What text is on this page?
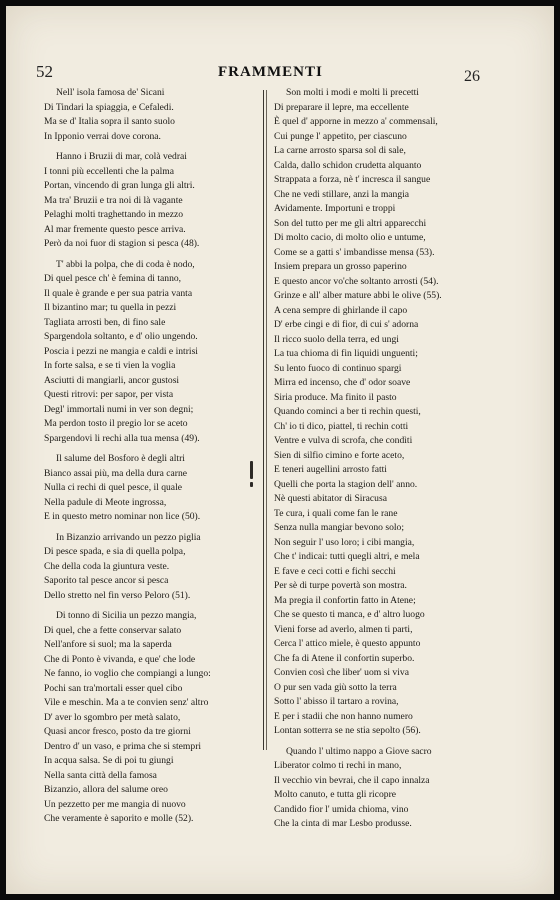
52	FRAMMENTI	26
Nell' isola famosa de' Sicani
Di Tindari la spiaggia, e Cefaledi.
Ma se d' Italia sopra il santo suolo
In Ipponio verrai dove corona.
Hanno i Bruzii di mar, colà vedrai
I tonni più eccellenti che la palma
Portan, vincendo di gran lunga gli altri.
Ma tra' Bruzii e tra noi di là vagante
Pelaghi molti traghettando in mezzo
Al mar fremente questo pesce arriva.
Però da noi fuor di stagion si pesca (48).
T' abbi la polpa, che di coda è nodo,
Di quel pesce ch' è femina di tanno,
Il quale è grande e per sua patria vanta
Il bizantino mar; tu quella in pezzi
Tagliata arrosti ben, di fino sale
Spargendola soltanto, e d' olio ungendo.
Poscia i pezzi ne mangia e caldi e intrisi
In forte salsa, e se ti vien la voglia
Asciutti di mangiarli, ancor gustosi
Questi ritrovi: per sapor, per vista
Degl' immortali numi in ver son degni;
Ma perdon tosto il pregio lor se aceto
Spargendovi li rechi alla tua mensa (49).
Il salume del Bosforo è degli altri
Bianco assai più, ma della dura carne
Nulla ci rechi di quel pesce, il quale
Nella padule di Meote ingrossa,
E in questo metro nominar non lice (50).
In Bizanzio arrivando un pezzo piglia
Di pesce spada, e sia di quella polpa,
Che della coda la giuntura veste.
Saporito tal pesce ancor si pesca
Dello stretto nel fin verso Peloro (51).
Di tonno di Sicilia un pezzo mangia,
Di quel, che a fette conservar salato
Nell'anfore si suol; ma la saperda
Che di Ponto è vivanda, e que' che lode
Ne fanno, io voglio che compiangi a lungo:
Pochi san tra'mortali esser quel cibo
Vile e meschin. Ma a te convien senz' altro
D' aver lo sgombro per metà salato,
Quasi ancor fresco, posto da tre giorni
Dentro d' un vaso, e prima che si stempri
In acqua salsa. Se di poi tu giungi
Nella santa città della famosa
Bizanzio, allora del salume oreo
Un pezzetto per me mangia di nuovo
Che veramente è saporito e molle (52).
Son molti i modi e molti li precetti
Di preparare il lepre, ma eccellente
È quel d' apporne in mezzo a' commensali,
Cui punge l' appetito, per ciascuno
La carne arrosto sparsa sol di sale,
Calda, dallo schidon crudetta alquanto
Strappata a forza, nè t' incresca il sangue
Che ne vedi stillare, anzi la mangia
Avidamente. Importuni e troppi
Son del tutto per me gli altri apparecchi
Di molto cacio, di molto olio e untume,
Come se a gatti s' imbandisse mensa (53).
Insiem prepara un grosso paperino
E questo ancor vo'che soltanto arrosti (54).
Grinze e all' alber mature abbi le olive (55).
A cena sempre di ghirlande il capo
D' erbe cingi e di fior, di cui s' adorna
Il ricco suolo della terra, ed ungi
La tua chioma di fin liquidi unguenti;
Su lento fuoco di continuo spargi
Mirra ed incenso, che d' odor soave
Siria produce. Ma finito il pasto
Quando cominci a ber ti rechin questi,
Ch' io ti dico, piattel, ti rechin cotti
Ventre e vulva di scrofa, che condìti
Sien di silfio cimino e forte aceto,
E teneri augellini arrosto fatti
Quelli che porta la stagion dell' anno.
Nè questi abitator di Siracusa
Te cura, i quali come fan le rane
Senza nulla mangiar bevono solo;
Non seguir l' uso loro; i cibi mangia,
Che t' indicai: tutti quegli altri, e mela
E fave e ceci cotti e fichi secchi
Per sè di turpe povertà son mostra.
Ma pregia il confortin fatto in Atene;
Che se questo ti manca, e d' altro luogo
Vieni forse ad averlo, almen ti parti,
Cerca l' attico miele, è questo appunto
Che fa di Atene il confortin superbo.
Convien così che liber' uom si viva
O pur sen vada giù sotto la terra
Sotto l' abisso il tartaro a rovina,
E per i stadii che non hanno numero
Lontan sotterra se ne stia sepolto (56).
Quando l' ultimo nappo a Giove sacro
Liberator colmo ti rechi in mano,
Il vecchio vin bevrai, che il capo innalza
Molto canuto, e tutta gli ricopre
Candido fior l' umida chioma, vino
Che la cinta di mar Lesbo produsse.
